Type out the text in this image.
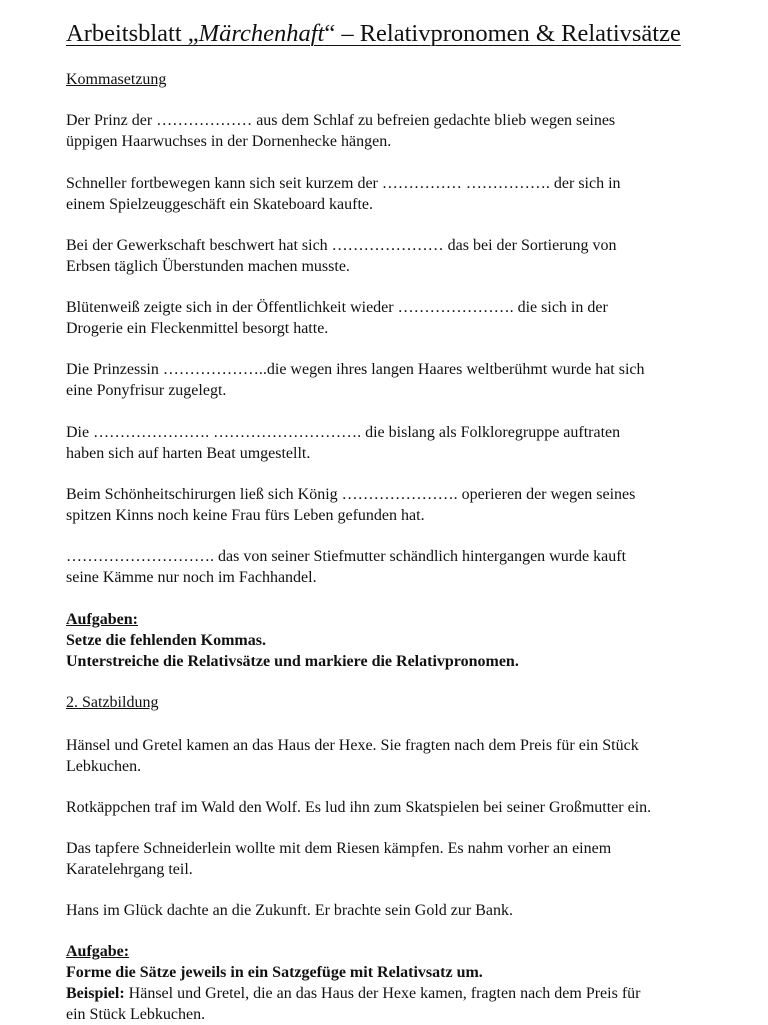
Arbeitsblatt „Märchenhaft“ – Relativpronomen & Relativsätze
Kommasetzung
Der Prinz der ……………… aus dem Schlaf zu befreien gedachte blieb wegen seines
üppigen Haarwuchses in der Dornenhecke hängen.
Schneller fortbewegen kann sich seit kurzem der …………… ……………. der sich in
einem Spielzeuggeschäft ein Skateboard kaufte.
Bei der Gewerkschaft beschwert hat sich ………………… das bei der Sortierung von
Erbsen täglich Überstunden machen musste.
Blütenweiß zeigte sich in der Öffentlichkeit wieder …………………. die sich in der
Drogerie ein Fleckenmittel besorgt hatte.
Die Prinzessin ………………..die wegen ihres langen Haares weltberühmt wurde hat sich
eine Ponyfrisur zugelegt.
Die …………………. ………………………. die bislang als Folkloregruppe auftraten
haben sich auf harten Beat umgestellt.
Beim Schönheitschirurgen ließ sich König …………………. operieren der wegen seines
spitzen Kinns noch keine Frau fürs Leben gefunden hat.
………………………. das von seiner Stiefmutter schändlich hintergangen wurde kauft
seine Kämme nur noch im Fachhandel.
Aufgaben:
Setze die fehlenden Kommas.
Unterstreiche die Relativsätze und markiere die Relativpronomen.
2. Satzbildung
Hänsel und Gretel kamen an das Haus der Hexe. Sie fragten nach dem Preis für ein Stück
Lebkuchen.
Rotkäppchen traf im Wald den Wolf. Es lud ihn zum Skatspielen bei seiner Großmutter ein.
Das tapfere Schneiderlein wollte mit dem Riesen kämpfen. Es nahm vorher an einem
Karatelehrgang teil.
Hans im Glück dachte an die Zukunft. Er brachte sein Gold zur Bank.
Aufgabe:
Forme die Sätze jeweils in ein Satzgefüge mit Relativsatz um.
Beispiel: Hänsel und Gretel, die an das Haus der Hexe kamen, fragten nach dem Preis für
ein Stück Lebkuchen.
